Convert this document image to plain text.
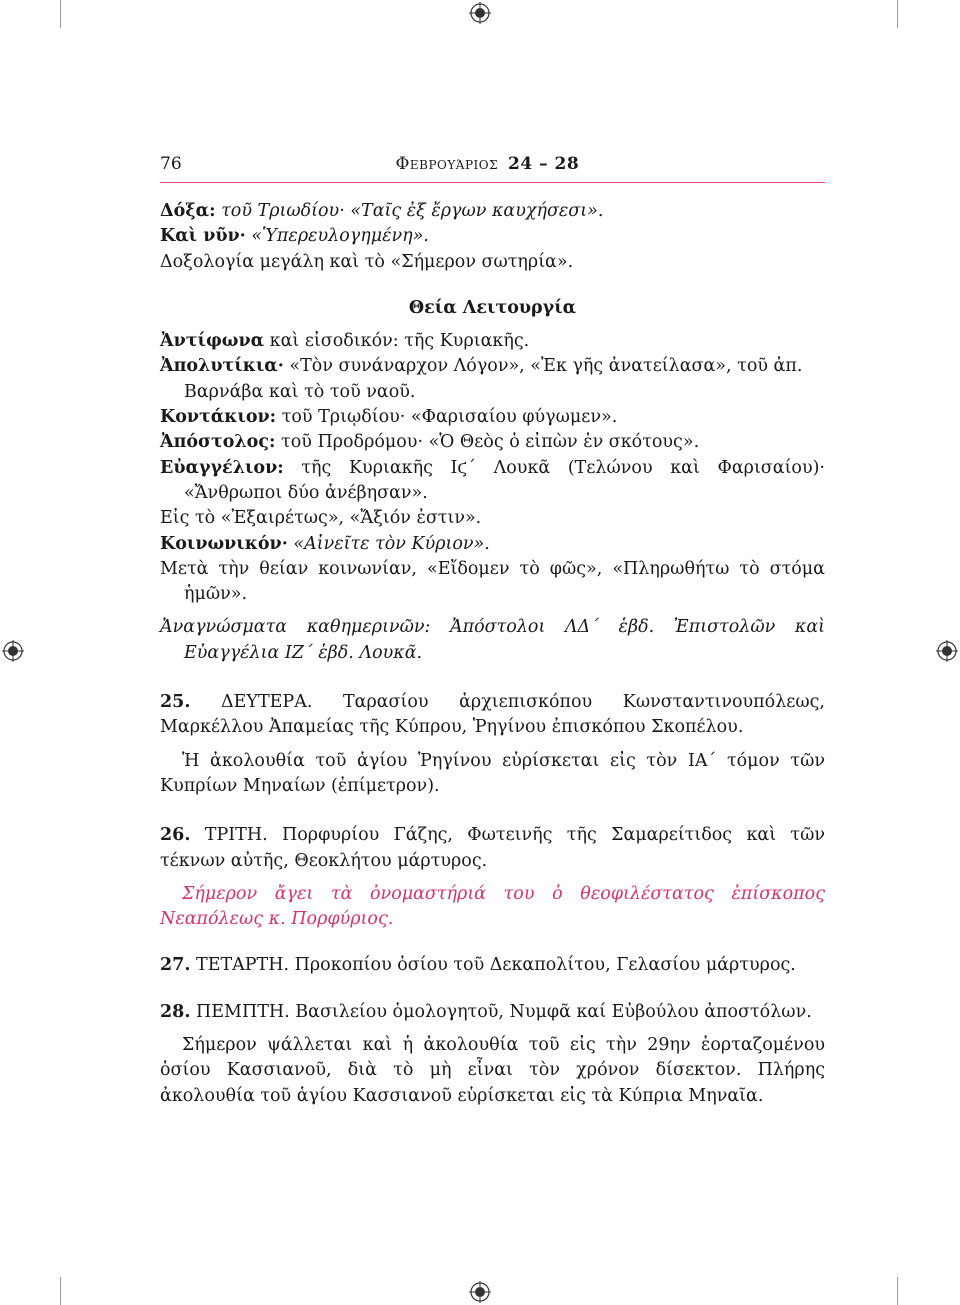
76	Φεβρουάριος 24 – 28

Δόξα: τοῦ Τριωδίου· «Ταῖς ἐξ ἔργων καυχήσεσι».

Καὶ νῦν· «Ὑπερευλογημένη».

Δοξολογία μεγάλη καὶ τὸ «Σήμερον σωτηρία».

Θεία Λειτουργία

Ἀντίφωνα καὶ εἰσοδικόν: τῆς Κυριακῆς.

Ἀπολυτίκια· «Τὸν συνάναρχον Λόγον», «Ἐκ γῆς ἀνατείλασα», τοῦ ἀπ. Βαρνάβα καὶ τὸ τοῦ ναοῦ.

Κοντάκιον: τοῦ Τριῳδίου· «Φαρισαίου φύγωμεν».

Ἀπόστολος: τοῦ Προδρόμου· «Ὁ Θεὸς ὁ εἰπὼν ἐν σκότους».

Εὐαγγέλιον: τῆς Κυριακῆς Ιϛ΄ Λουκᾶ (Τελώνου καὶ Φαρισαίου)· «Ἄνθρωποι δύο ἀνέβησαν».

Εἰς τὸ «Ἐξαιρέτως», «Ἄξιόν ἐστιν».

Κοινωνικόν· «Αἰνεῖτε τὸν Κύριον».

Μετὰ τὴν θείαν κοινωνίαν, «Εἴδομεν τὸ φῶς», «Πληρωθήτω τὸ στόμα ἡμῶν».

Ἀναγνώσματα καθημερινῶν: Ἀπόστολοι ΛΔ΄ ἑβδ. Ἐπιστολῶν καὶ Εὐαγγέλια ΙΖ΄ ἑβδ. Λουκᾶ.

25. ΔΕΥΤΕΡΑ. Ταρασίου ἀρχιεπισκόπου Κωνσταντινουπόλεως, Μαρκέλλου Ἀπαμείας τῆς Κύπρου, Ῥηγίνου ἐπισκόπου Σκοπέλου.

Ἡ ἀκολουθία τοῦ ἁγίου Ῥηγίνου εὑρίσκεται εἰς τὸν ΙΑ΄ τόμον τῶν Κυπρίων Μηναίων (ἐπίμετρον).

26. ΤΡΙΤΗ. Πορφυρίου Γάζης, Φωτεινῆς τῆς Σαμαρείτιδος καὶ τῶν τέκνων αὐτῆς, Θεοκλήτου μάρτυρος.

Σήμερον ἄγει τὰ ὀνομαστήριά του ὁ θεοφιλέστατος ἐπίσκοπος Νεαπόλεως κ. Πορφύριος.

27. ΤΕΤΑΡΤΗ. Προκοπίου ὁσίου τοῦ Δεκαπολίτου, Γελασίου μάρτυρος.

28. ΠΕΜΠΤΗ. Βασιλείου ὁμολογητοῦ, Νυμφᾶ καί Εὐβούλου ἀποστόλων.

Σήμερον ψάλλεται καὶ ἡ ἀκολουθία τοῦ εἰς τὴν 29ην ἑορταζομένου ὁσίου Κασσιανοῦ, διὰ τὸ μὴ εἶναι τὸν χρόνον δίσεκτον. Πλήρης ἀκολουθία τοῦ ἁγίου Κασσιανοῦ εὑρίσκεται εἰς τὰ Κύπρια Μηναῖα.
